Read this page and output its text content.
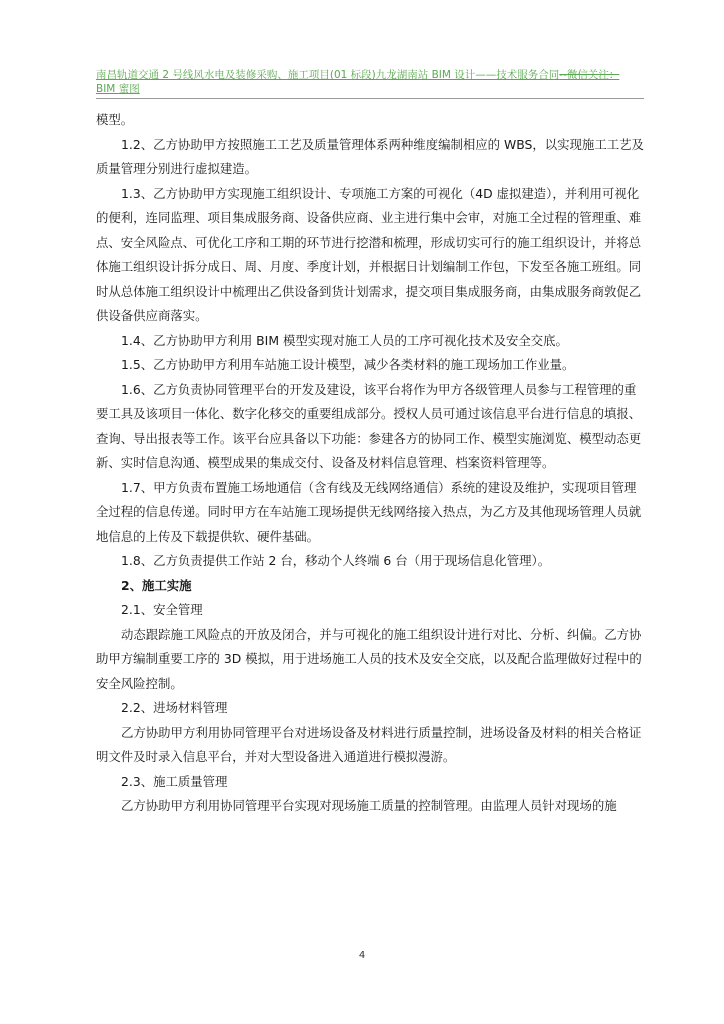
南昌轨道交通 2 号线风水电及装修采购、施工项目(01 标段)九龙湖南站 BIM 设计——技术服务合同--微信关注：
BIM 蜜图

模型。

1.2、乙方协助甲方按照施工工艺及质量管理体系两种维度编制相应的 WBS，以实现施工工艺及质量管理分别进行虚拟建造。

1.3、乙方协助甲方实现施工组织设计、专项施工方案的可视化（4D 虚拟建造），并利用可视化的便利，连同监理、项目集成服务商、设备供应商、业主进行集中会审，对施工全过程的管理重、难点、安全风险点、可优化工序和工期的环节进行挖潜和梳理，形成切实可行的施工组织设计，并将总体施工组织设计拆分成日、周、月度、季度计划，并根据日计划编制工作包，下发至各施工班组。同时从总体施工组织设计中梳理出乙供设备到货计划需求，提交项目集成服务商，由集成服务商敦促乙供设备供应商落实。

1.4、乙方协助甲方利用 BIM 模型实现对施工人员的工序可视化技术及安全交底。

1.5、乙方协助甲方利用车站施工设计模型，减少各类材料的施工现场加工作业量。

1.6、乙方负责协同管理平台的开发及建设，该平台将作为甲方各级管理人员参与工程管理的重要工具及该项目一体化、数字化移交的重要组成部分。授权人员可通过该信息平台进行信息的填报、查询、导出报表等工作。该平台应具备以下功能：参建各方的协同工作、模型实施浏览、模型动态更新、实时信息沟通、模型成果的集成交付、设备及材料信息管理、档案资料管理等。

1.7、甲方负责布置施工场地通信（含有线及无线网络通信）系统的建设及维护，实现项目管理全过程的信息传递。同时甲方在车站施工现场提供无线网络接入热点，为乙方及其他现场管理人员就地信息的上传及下载提供软、硬件基础。

1.8、乙方负责提供工作站 2 台，移动个人终端 6 台（用于现场信息化管理）。

2、施工实施

2.1、安全管理

动态跟踪施工风险点的开放及闭合，并与可视化的施工组织设计进行对比、分析、纠偏。乙方协助甲方编制重要工序的 3D 模拟，用于进场施工人员的技术及安全交底，以及配合监理做好过程中的安全风险控制。

2.2、进场材料管理

乙方协助甲方利用协同管理平台对进场设备及材料进行质量控制，进场设备及材料的相关合格证明文件及时录入信息平台，并对大型设备进入通道进行模拟漫游。

2.3、施工质量管理

乙方协助甲方利用协同管理平台实现对现场施工质量的控制管理。由监理人员针对现场的施

4
